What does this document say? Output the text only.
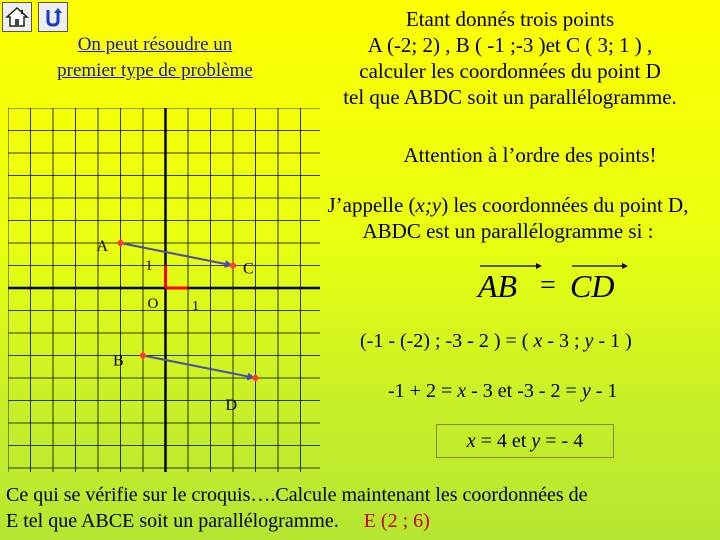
On peut résoudre un
premier type de problème
Etant donnés trois points
A (-2; 2) , B ( -1 ;-3 )et C ( 3; 1 ) ,
calculer les coordonnées du point D
tel que ABDC soit un parallélogramme.
Attention à l’ordre des points!
J’appelle (x;y) les coordonnées du point D,
ABDC est un parallélogramme si :
AB = CD
(-1 - (-2) ; -3 - 2 ) = ( x - 3 ; y - 1 )
-1 + 2 = x - 3 et -3 - 2 = y - 1
x = 4 et y = - 4
Ce qui se vérifie sur le croquis….Calcule maintenant les coordonnées de
E tel que ABCE soit un parallélogramme. E (2 ; 6)
A
B
C
D
O 1
1
